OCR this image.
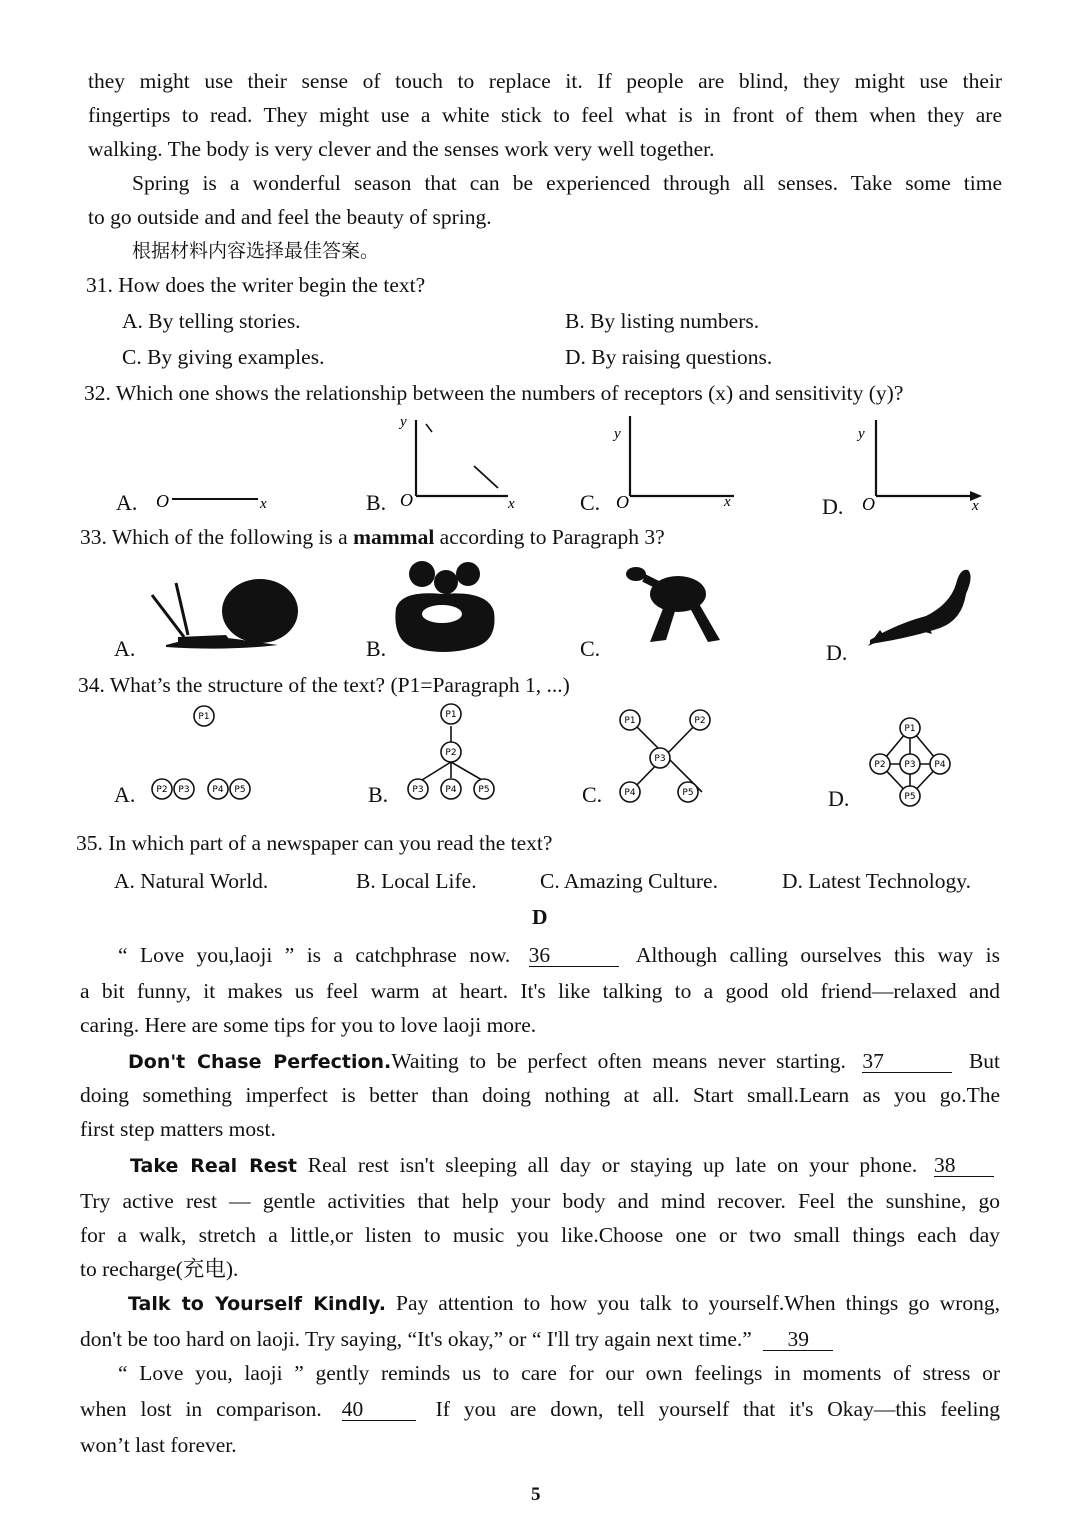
they might use their sense of touch to replace it. If people are blind, they might use their
fingertips to read. They might use a white stick to feel what is in front of them when they are
walking. The body is very clever and the senses work very well together.
Spring is a wonderful season that can be experienced through all senses. Take some time
to go outside and and feel the beauty of spring.
根据材料内容选择最佳答案。
31. How does the writer begin the text?
A. By telling stories.	B. By listing numbers.
C. By giving examples.	D. By raising questions.
32. Which one shows the relationship between the numbers of receptors (x) and sensitivity (y)?
A. O	x	B.
y
O	x	C.
y
O	x	D.
y
O	x
33. Which of the following is a mammal according to Paragraph 3?
A.	B.	C.	D.
34. What’s the structure of the text? (P1=Paragraph 1, ...)
A.
P1
P2 P3	P4 P5	B.
P1
P2
P3 P4 P5	C.
P1	P2
P3
P4	P5	D.
P1
P2 P3 P4
P5
35. In which part of a newspaper can you read the text?
A. Natural World.	B. Local Life.	C. Amazing Culture.	D. Latest Technology.
D
“ Love you,laoji ” is a catchphrase now. 36	Although calling ourselves this way is
a bit funny, it makes us feel warm at heart. It's like talking to a good old friend—relaxed and
caring. Here are some tips for you to love laoji more.
Don't Chase Perfection.Waiting to be perfect often means never starting. 37	But
doing something imperfect is better than doing nothing at all. Start small.Learn as you go.The
first step matters most.
Take Real Rest Real rest isn't sleeping all day or staying up late on your phone. 38
Try active rest — gentle activities that help your body and mind recover. Feel the sunshine, go
for a walk, stretch a little,or listen to music you like.Choose one or two small things each day
to recharge(充电).
Talk to Yourself Kindly. Pay attention to how you talk to yourself.When things go wrong,
don't be too hard on laoji. Try saying, “It's okay,” or “ I'll try again next time.” 39
“ Love you, laoji ” gently reminds us to care for our own feelings in moments of stress or
when lost in comparison. 40	If you are down, tell yourself that it's Okay—this feeling
won’t last forever.
5
